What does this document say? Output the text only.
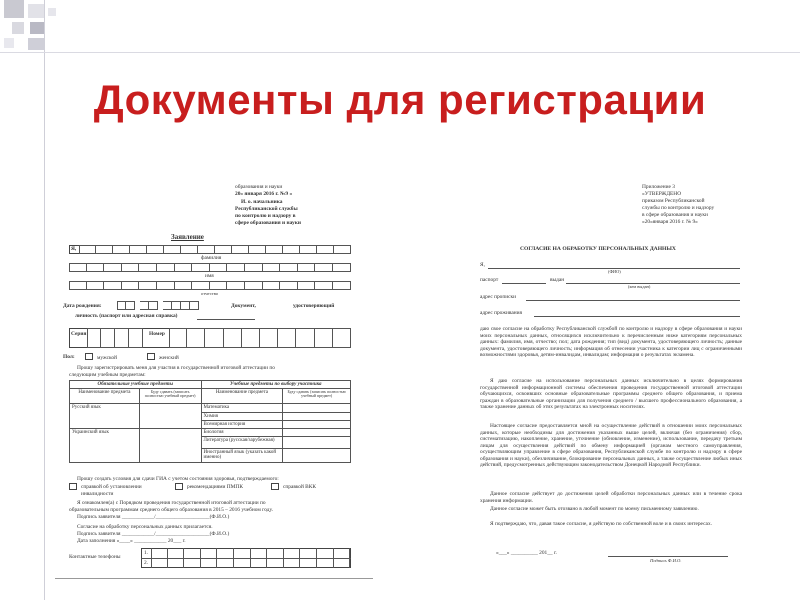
Документы для регистрации
образования и науки
20» января 2016 г. №9 »
И. о. начальника
Республиканской службы
по контролю и надзору в
сфере образования и науки
Заявление
Я,
фамилия
имя
отчество
Дата рождения:	Документ,	удостоверяющий
личность (паспорт или адресная справка)
Серия	Номер
Пол:	мужской	женский
Прошу зарегистрировать меня для участия в государственной итоговой аттестации по
следующим учебным предметам:
Обязательные учебные предметы		Учебные предметы по выбору участника	
Наименование предмета	Буду сдавать (записать полностью учебный предмет)	Наименование предмета	Буду сдавать (записать полностью учебный предмет)
Русский язык		Математика	
		Химия	
		Всемирная история	
Украинский язык		Биология	
		Литература (русская/зарубежная)	
		Иностранный язык (указать какой именно)	
Прошу создать условия для сдачи ГИА с учетом состояния здоровья, подтверждаемого:
справкой об установлении инвалидности
рекомендациями ПМПК	справкой ВКК
Я ознакомлен(а) с Порядком проведения государственной итоговой аттестации по
образовательным программам среднего общего образования в 2015 – 2016 учебном году.
Подпись заявителя ____________/____________________(Ф.И.О.)
Согласие на обработку персональных данных прилагается.
Подпись заявителя ____________/____________________(Ф.И.О.)
Дата заполнения «____» ____________ 20___ г.
Контактные телефоны
1.
2.
Приложение 3
«УТВЕРЖДЕНО
приказом Республиканской
службы по контролю и надзору
в сфере образования и науки
«20»января 2016 г. № 9»
СОГЛАСИЕ НА ОБРАБОТКУ ПЕРСОНАЛЬНЫХ ДАННЫХ
Я,
(ФИО)
паспорт	выдан
(кем выдан)
адрес прописки
адрес проживания
даю свое согласие на обработку Республиканской службой по контролю и надзору в сфере образования и науки моих персональных данных, относящихся исключительно к перечисленным ниже категориям персональных данных: фамилия, имя, отчество; пол; дата рождения; тип (вид) документа, удостоверяющего личность; данные документа, удостоверяющего личность; информация об отнесении участника к категории лиц с ограниченными возможностями здоровья, детям-инвалидам, инвалидам; информация о результатах экзамена.
Я даю согласие на использование персональных данных исключительно в целях формирования государственной информационной системы обеспечения проведения государственной итоговой аттестации обучающихся, освоивших основные образовательные программы среднего общего образования, и приема граждан в образовательные организации для получения среднего / высшего профессионального образования, а также хранение данных об этих результатах на электронных носителях.
Настоящее согласие предоставляется мной на осуществление действий в отношении моих персональных данных, которые необходимы для достижения указанных выше целей, включая (без ограничения) сбор, систематизацию, накопление, хранение, уточнение (обновление, изменение), использование, передачу третьим лицам для осуществления действий по обмену информацией (органам местного самоуправления, осуществляющим управление в сфере образования, Республиканской службе по контролю и надзору в сфере образования и науки), обезличивание, блокирование персональных данных, а также осуществление любых иных действий, предусмотренных действующим законодательством Донецкой Народной Республики.
Данное согласие действует до достижения целей обработки персональных данных или в течение срока хранения информации.
Данное согласие может быть отозвано в любой момент по моему письменному заявлению.
Я подтверждаю, что, давая такое согласие, я действую по собственной воле и в своих интересах.
«___» __________ 201__ г.
Подпись Ф.И.О.
